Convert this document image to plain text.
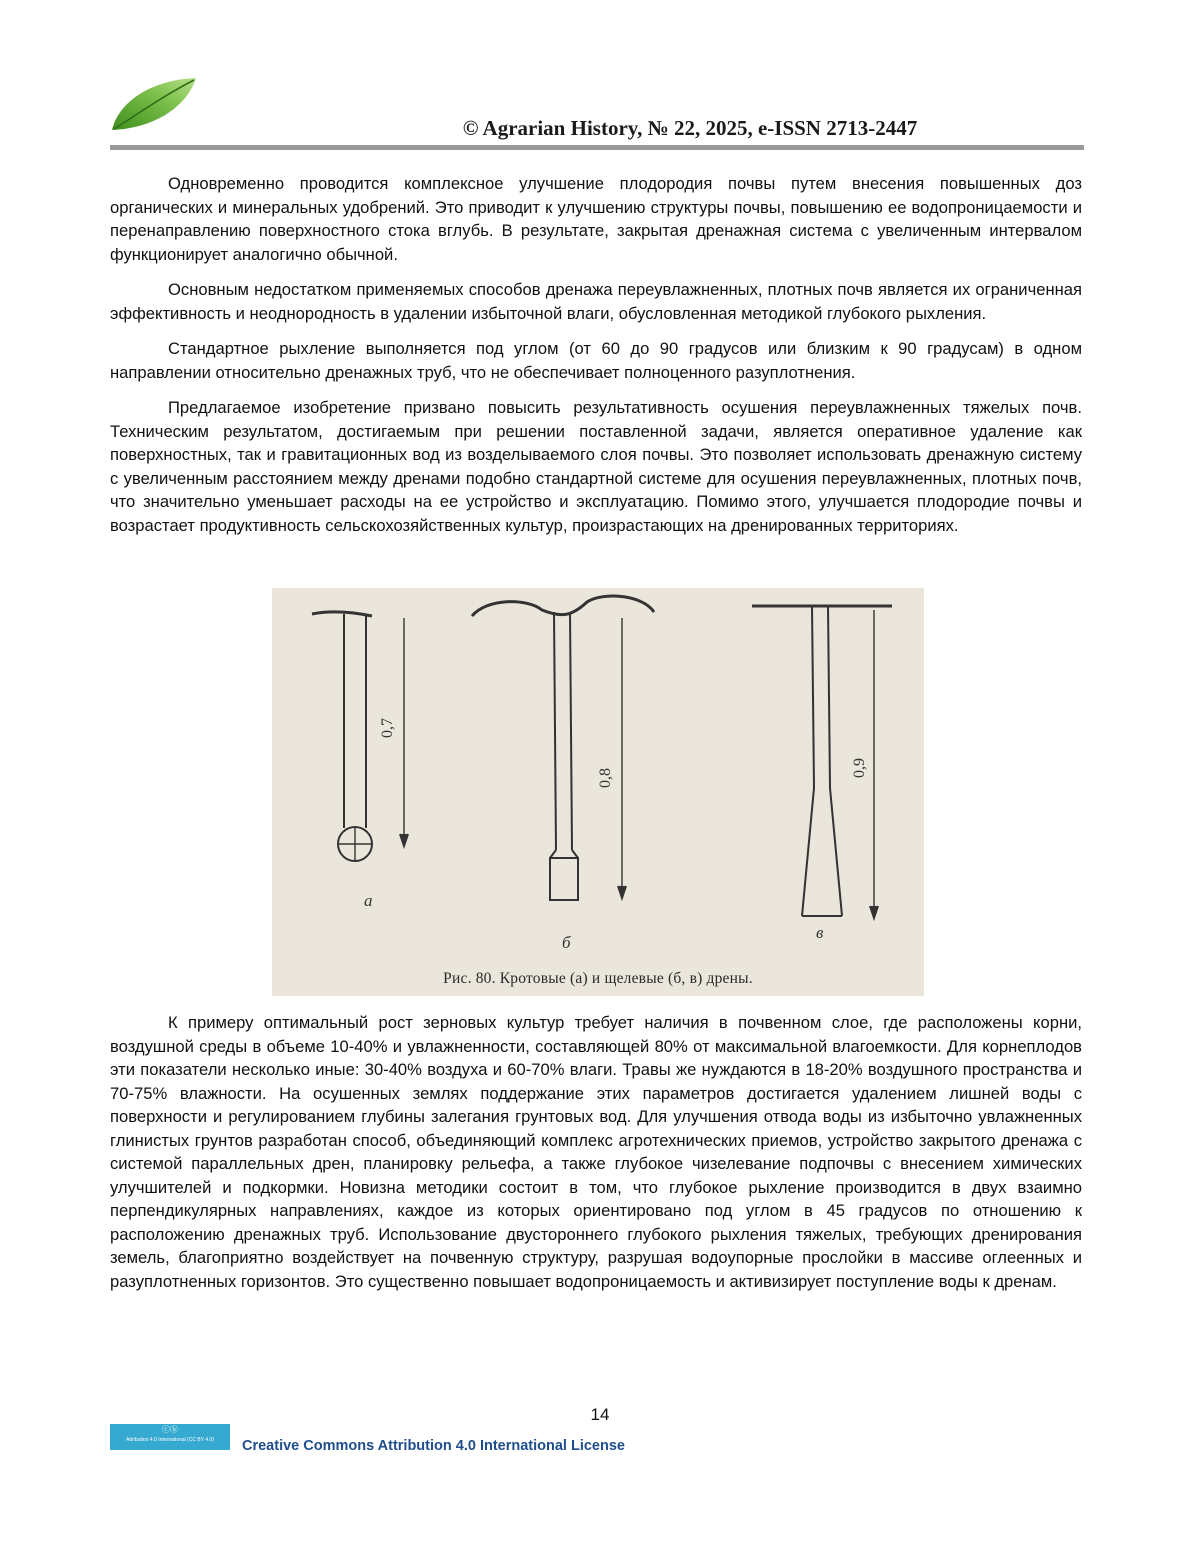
© Agrarian History, № 22, 2025, e-ISSN 2713-2447

Одновременно проводится комплексное улучшение плодородия почвы путем внесения повышенных доз органических и минеральных удобрений. Это приводит к улучшению структуры почвы, повышению ее водопроницаемости и перенаправлению поверхностного стока вглубь. В результате, закрытая дренажная система с увеличенным интервалом функционирует аналогично обычной.

Основным недостатком применяемых способов дренажа переувлажненных, плотных почв является их ограниченная эффективность и неоднородность в удалении избыточной влаги, обусловленная методикой глубокого рыхления.

Стандартное рыхление выполняется под углом (от 60 до 90 градусов или близким к 90 градусам) в одном направлении относительно дренажных труб, что не обеспечивает полноценного разуплотнения.

Предлагаемое изобретение призвано повысить результативность осушения переувлажненных тяжелых почв. Техническим результатом, достигаемым при решении поставленной задачи, является оперативное удаление как поверхностных, так и гравитационных вод из возделываемого слоя почвы. Это позволяет использовать дренажную систему с увеличенным расстоянием между дренами подобно стандартной системе для осушения переувлажненных, плотных почв, что значительно уменьшает расходы на ее устройство и эксплуатацию. Помимо этого, улучшается плодородие почвы и возрастает продуктивность сельскохозяйственных культур, произрастающих на дренированных территориях.

0,7
а
0,8
б
0,9
в
Рис. 80. Кротовые (а) и щелевые (б, в) дрены.

К примеру оптимальный рост зерновых культур требует наличия в почвенном слое, где расположены корни, воздушной среды в объеме 10-40% и увлажненности, составляющей 80% от максимальной влагоемкости. Для корнеплодов эти показатели несколько иные: 30-40% воздуха и 60-70% влаги. Травы же нуждаются в 18-20% воздушного пространства и 70-75% влажности. На осушенных землях поддержание этих параметров достигается удалением лишней воды с поверхности и регулированием глубины залегания грунтовых вод. Для улучшения отвода воды из избыточно увлажненных глинистых грунтов разработан способ, объединяющий комплекс агротехнических приемов, устройство закрытого дренажа с системой параллельных дрен, планировку рельефа, а также глубокое чизелевание подпочвы с внесением химических улучшителей и подкормки. Новизна методики состоит в том, что глубокое рыхление производится в двух взаимно перпендикулярных направлениях, каждое из которых ориентировано под углом в 45 градусов по отношению к расположению дренажных труб. Использование двустороннего глубокого рыхления тяжелых, требующих дренирования земель, благоприятно воздействует на почвенную структуру, разрушая водоупорные прослойки в массиве оглеенных и разуплотненных горизонтов. Это существенно повышает водопроницаемость и активизирует поступление воды к дренам.

14
ⓒⓑ
Attribution 4.0 International (CC BY 4.0)	Creative Commons Attribution 4.0 International License
